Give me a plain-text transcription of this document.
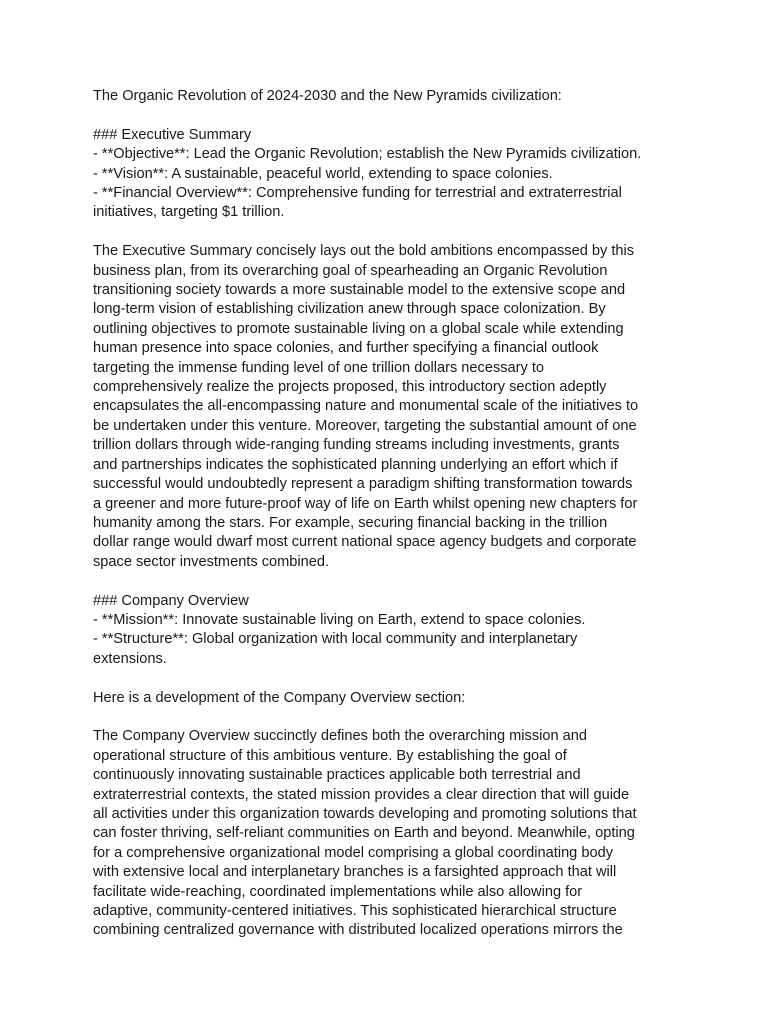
The Organic Revolution of 2024-2030 and the New Pyramids civilization:

### Executive Summary

- **Objective**: Lead the Organic Revolution; establish the New Pyramids civilization.

- **Vision**: A sustainable, peaceful world, extending to space colonies.

- **Financial Overview**: Comprehensive funding for terrestrial and extraterrestrial

initiatives, targeting $1 trillion.

The Executive Summary concisely lays out the bold ambitions encompassed by this

business plan, from its overarching goal of spearheading an Organic Revolution

transitioning society towards a more sustainable model to the extensive scope and

long-term vision of establishing civilization anew through space colonization. By

outlining objectives to promote sustainable living on a global scale while extending

human presence into space colonies, and further specifying a financial outlook

targeting the immense funding level of one trillion dollars necessary to

comprehensively realize the projects proposed, this introductory section adeptly

encapsulates the all-encompassing nature and monumental scale of the initiatives to

be undertaken under this venture. Moreover, targeting the substantial amount of one

trillion dollars through wide-ranging funding streams including investments, grants

and partnerships indicates the sophisticated planning underlying an effort which if

successful would undoubtedly represent a paradigm shifting transformation towards

a greener and more future-proof way of life on Earth whilst opening new chapters for

humanity among the stars. For example, securing financial backing in the trillion

dollar range would dwarf most current national space agency budgets and corporate

space sector investments combined.

### Company Overview

- **Mission**: Innovate sustainable living on Earth, extend to space colonies.

- **Structure**: Global organization with local community and interplanetary

extensions.

Here is a development of the Company Overview section:

The Company Overview succinctly defines both the overarching mission and

operational structure of this ambitious venture. By establishing the goal of

continuously innovating sustainable practices applicable both terrestrial and

extraterrestrial contexts, the stated mission provides a clear direction that will guide

all activities under this organization towards developing and promoting solutions that

can foster thriving, self-reliant communities on Earth and beyond. Meanwhile, opting

for a comprehensive organizational model comprising a global coordinating body

with extensive local and interplanetary branches is a farsighted approach that will

facilitate wide-reaching, coordinated implementations while also allowing for

adaptive, community-centered initiatives. This sophisticated hierarchical structure

combining centralized governance with distributed localized operations mirrors the
